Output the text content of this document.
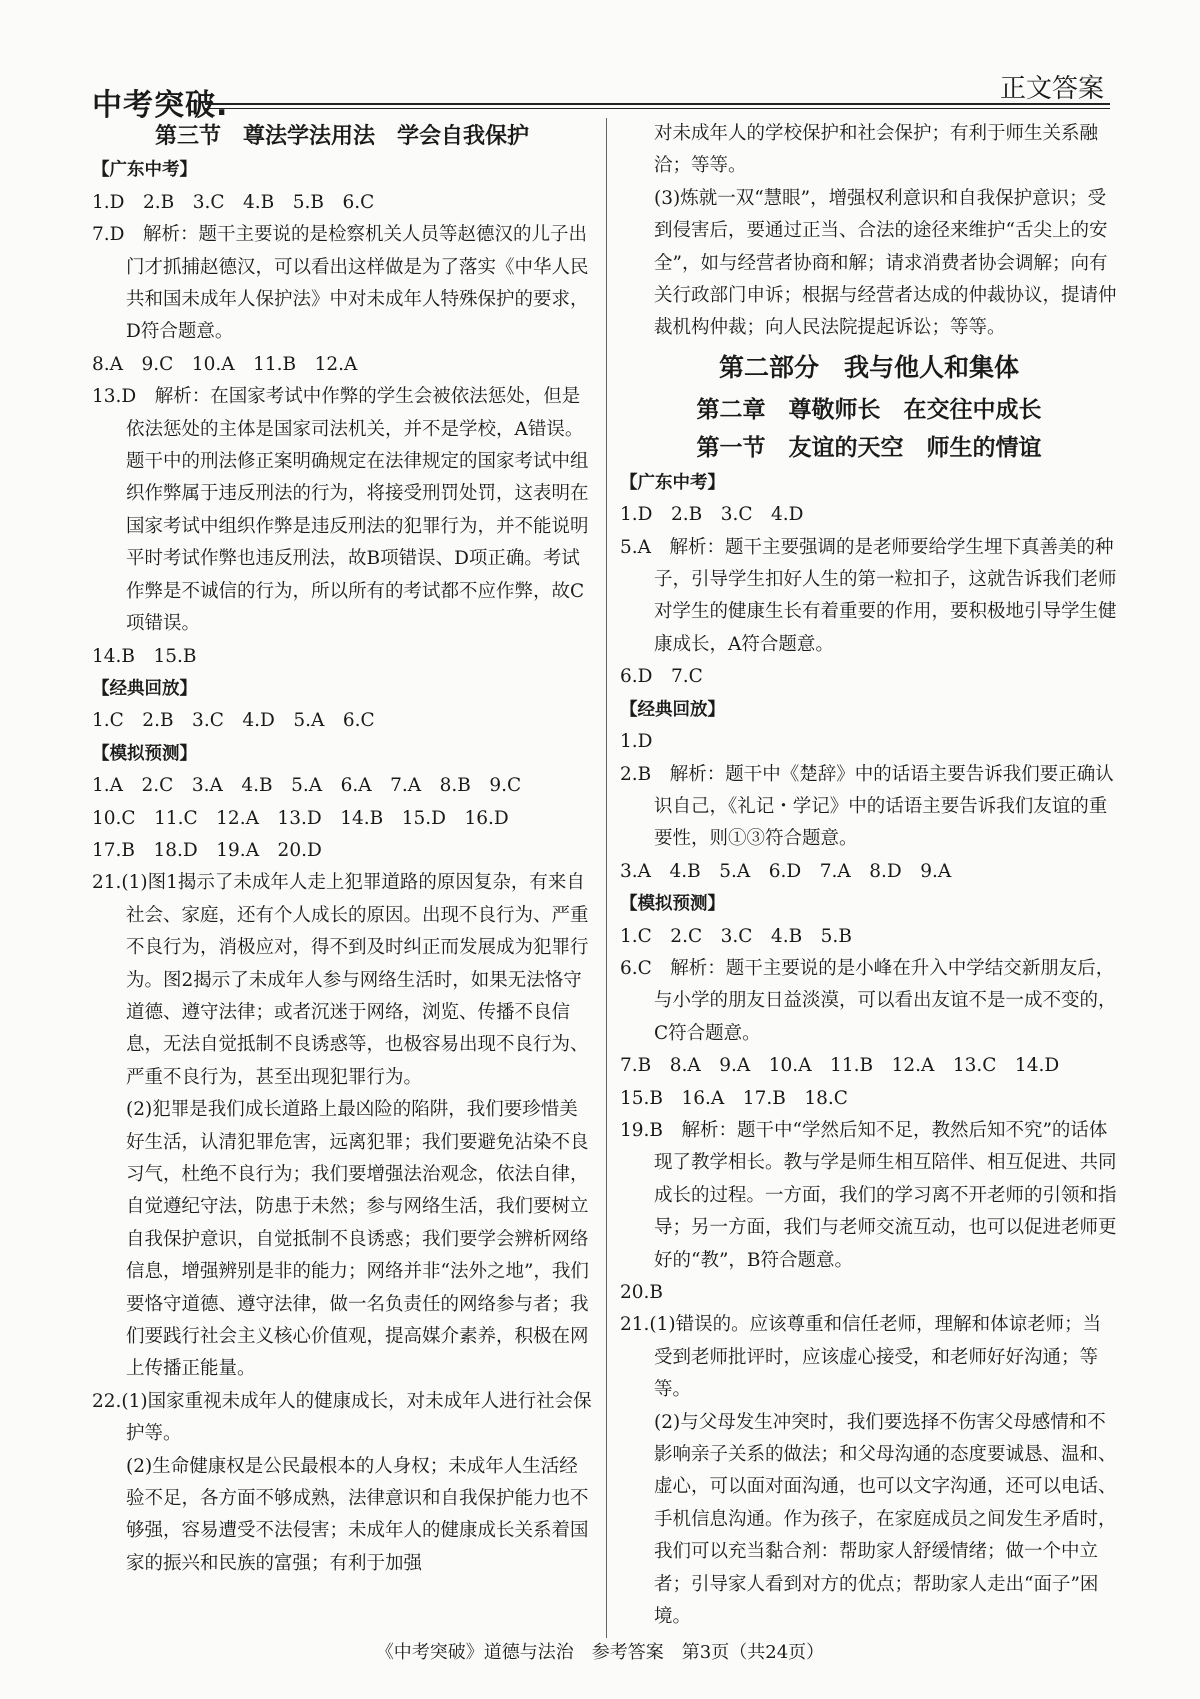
中考突破.	正文答案
第三节　尊法学法用法　学会自我保护
【广东中考】
1.D　2.B　3.C　4.B　5.B　6.C
7.D　解析：题干主要说的是检察机关人员等赵德汉的儿子出门才抓捕赵德汉，可以看出这样做是为了落实《中华人民共和国未成年人保护法》中对未成年人特殊保护的要求，D符合题意。
8.A　9.C　10.A　11.B　12.A
13.D　解析：在国家考试中作弊的学生会被依法惩处，但是依法惩处的主体是国家司法机关，并不是学校，A错误。题干中的刑法修正案明确规定在法律规定的国家考试中组织作弊属于违反刑法的行为，将接受刑罚处罚，这表明在国家考试中组织作弊是违反刑法的犯罪行为，并不能说明平时考试作弊也违反刑法，故B项错误、D项正确。考试作弊是不诚信的行为，所以所有的考试都不应作弊，故C项错误。
14.B　15.B
【经典回放】
1.C　2.B　3.C　4.D　5.A　6.C
【模拟预测】
1.A　2.C　3.A　4.B　5.A　6.A　7.A　8.B　9.C
10.C　11.C　12.A　13.D　14.B　15.D　16.D
17.B　18.D　19.A　20.D
21.(1)图1揭示了未成年人走上犯罪道路的原因复杂，有来自社会、家庭，还有个人成长的原因。出现不良行为、严重不良行为，消极应对，得不到及时纠正而发展成为犯罪行为。图2揭示了未成年人参与网络生活时，如果无法恪守道德、遵守法律；或者沉迷于网络，浏览、传播不良信息，无法自觉抵制不良诱惑等，也极容易出现不良行为、严重不良行为，甚至出现犯罪行为。
(2)犯罪是我们成长道路上最凶险的陷阱，我们要珍惜美好生活，认清犯罪危害，远离犯罪；我们要避免沾染不良习气，杜绝不良行为；我们要增强法治观念，依法自律，自觉遵纪守法，防患于未然；参与网络生活，我们要树立自我保护意识，自觉抵制不良诱惑；我们要学会辨析网络信息，增强辨别是非的能力；网络并非“法外之地”，我们要恪守道德、遵守法律，做一名负责任的网络参与者；我们要践行社会主义核心价值观，提高媒介素养，积极在网上传播正能量。
22.(1)国家重视未成年人的健康成长，对未成年人进行社会保护等。
(2)生命健康权是公民最根本的人身权；未成年人生活经验不足，各方面不够成熟，法律意识和自我保护能力也不够强，容易遭受不法侵害；未成年人的健康成长关系着国家的振兴和民族的富强；有利于加强
对未成年人的学校保护和社会保护；有利于师生关系融洽；等等。
(3)炼就一双“慧眼”，增强权利意识和自我保护意识；受到侵害后，要通过正当、合法的途径来维护“舌尖上的安全”，如与经营者协商和解；请求消费者协会调解；向有关行政部门申诉；根据与经营者达成的仲裁协议，提请仲裁机构仲裁；向人民法院提起诉讼；等等。
第二部分　我与他人和集体
第二章　尊敬师长　在交往中成长
第一节　友谊的天空　师生的情谊
【广东中考】
1.D　2.B　3.C　4.D
5.A　解析：题干主要强调的是老师要给学生埋下真善美的种子，引导学生扣好人生的第一粒扣子，这就告诉我们老师对学生的健康生长有着重要的作用，要积极地引导学生健康成长，A符合题意。
6.D　7.C
【经典回放】
1.D
2.B　解析：题干中《楚辞》中的话语主要告诉我们要正确认识自己，《礼记・学记》中的话语主要告诉我们友谊的重要性，则①③符合题意。
3.A　4.B　5.A　6.D　7.A　8.D　9.A
【模拟预测】
1.C　2.C　3.C　4.B　5.B
6.C　解析：题干主要说的是小峰在升入中学结交新朋友后，与小学的朋友日益淡漠，可以看出友谊不是一成不变的，C符合题意。
7.B　8.A　9.A　10.A　11.B　12.A　13.C　14.D
15.B　16.A　17.B　18.C
19.B　解析：题干中“学然后知不足，教然后知不究”的话体现了教学相长。教与学是师生相互陪伴、相互促进、共同成长的过程。一方面，我们的学习离不开老师的引领和指导；另一方面，我们与老师交流互动，也可以促进老师更好的“教”，B符合题意。
20.B
21.(1)错误的。应该尊重和信任老师，理解和体谅老师；当受到老师批评时，应该虚心接受，和老师好好沟通；等等。
(2)与父母发生冲突时，我们要选择不伤害父母感情和不影响亲子关系的做法；和父母沟通的态度要诚恳、温和、虚心，可以面对面沟通，也可以文字沟通，还可以电话、手机信息沟通。作为孩子，在家庭成员之间发生矛盾时，我们可以充当黏合剂：帮助家人舒缓情绪；做一个中立者；引导家人看到对方的优点；帮助家人走出“面子”困境。
《中考突破》道德与法治　参考答案　第3页（共24页）
